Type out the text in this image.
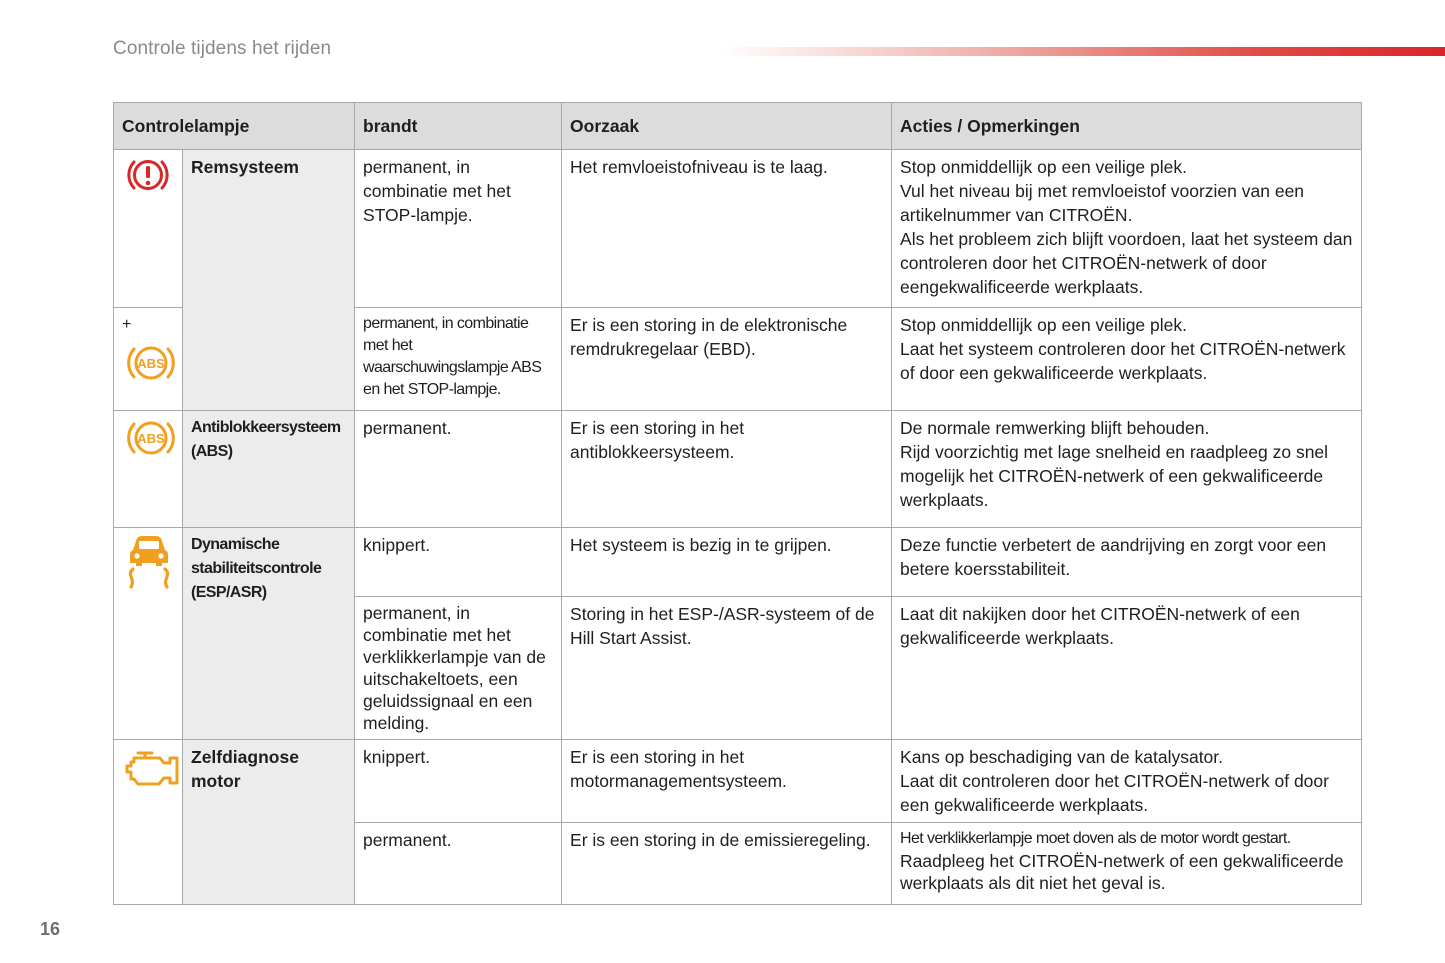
Controle tijdens het rijden
Controlelampje		brandt	Oorzaak	Acties / Opmerkingen

	Remsysteem	permanent, in combinatie met het STOP-lampje.	Het remvloeistofniveau is te laag.	Stop onmiddellijk op een veilige plek.
Vul het niveau bij met remvloeistof voorzien van een artikelnummer van CITROËN.
Als het probleem zich blijft voordoen, laat het systeem dan controleren door het CITROËN-netwerk of door eengekwalificeerde werkplaats.

+
ABS		permanent, in combinatie met het waarschuwingslampje ABS en het STOP-lampje.	Er is een storing in de elektronische remdrukregelaar (EBD).	Stop onmiddellijk op een veilige plek.
Laat het systeem controleren door het CITROËN-netwerk of door een gekwalificeerde werkplaats.

ABS	Antiblokkeersysteem (ABS)	permanent.	Er is een storing in het antiblokkeersysteem.	De normale remwerking blijft behouden.
Rijd voorzichtig met lage snelheid en raadpleeg zo snel mogelijk het CITROËN-netwerk of een gekwalificeerde werkplaats.

	Dynamische stabiliteitscontrole (ESP/ASR)	knippert.	Het systeem is bezig in te grijpen.	Deze functie verbetert de aandrijving en zorgt voor een betere koersstabiliteit.
		permanent, in combinatie met het verklikkerlampje van de uitschakeltoets, een geluidssignaal en een melding.	Storing in het ESP-/ASR-systeem of de Hill Start Assist.	Laat dit nakijken door het CITROËN-netwerk of een gekwalificeerde werkplaats.

	Zelfdiagnose motor	knippert.	Er is een storing in het motormanagementsysteem.	Kans op beschadiging van de katalysator.
Laat dit controleren door het CITROËN-netwerk of door een gekwalificeerde werkplaats.
		permanent.	Er is een storing in de emissieregeling.	Het verklikkerlampje moet doven als de motor wordt gestart.
Raadpleeg het CITROËN-netwerk of een gekwalificeerde werkplaats als dit niet het geval is.
16
